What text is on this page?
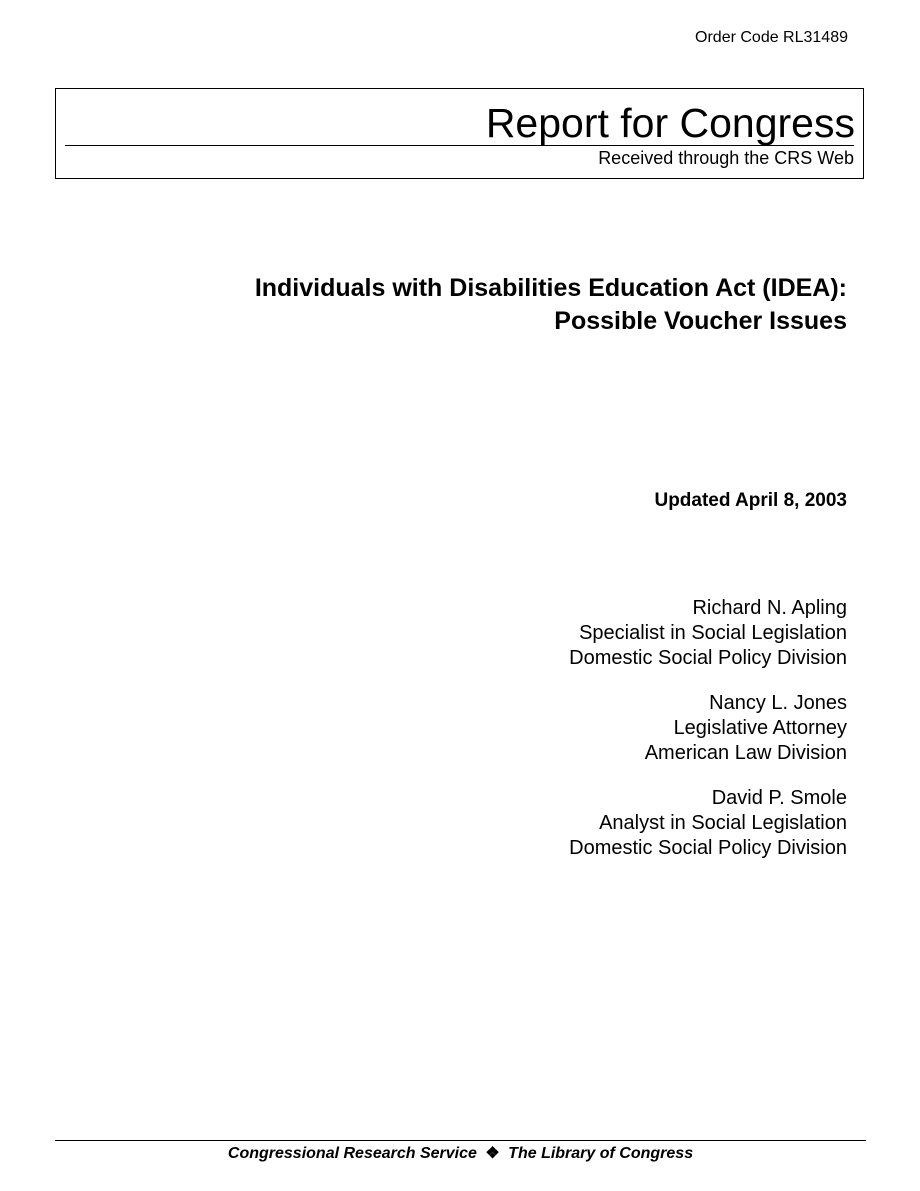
Order Code RL31489
Report for Congress
Received through the CRS Web
Individuals with Disabilities Education Act (IDEA):
Possible Voucher Issues
Updated April 8, 2003
Richard N. Apling
Specialist in Social Legislation
Domestic Social Policy Division
Nancy L. Jones
Legislative Attorney
American Law Division
David P. Smole
Analyst in Social Legislation
Domestic Social Policy Division
Congressional Research Service ❖ The Library of Congress
